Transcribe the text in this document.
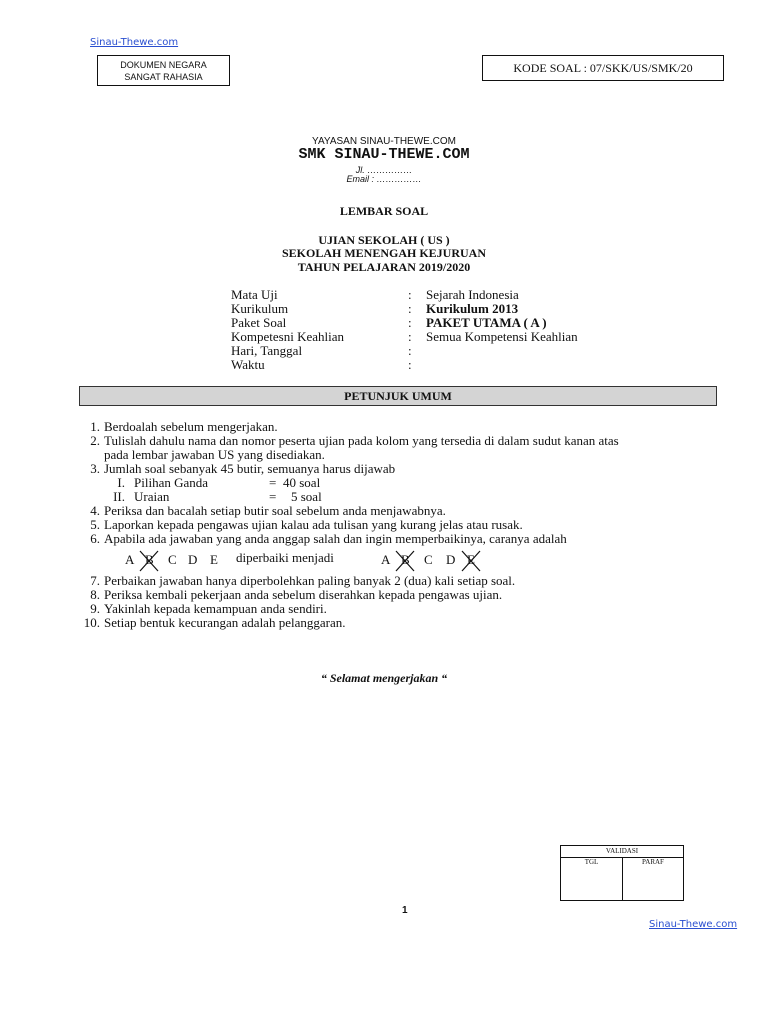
Sinau-Thewe.com
DOKUMEN NEGARA
SANGAT RAHASIA
KODE SOAL : 07/SKK/US/SMK/20
YAYASAN SINAU-THEWE.COM
SMK SINAU-THEWE.COM
Jl. ……………
Email : ……………
LEMBAR SOAL
UJIAN SEKOLAH ( US )
SEKOLAH MENENGAH KEJURUAN
TAHUN PELAJARAN 2019/2020
Mata Uji	: Sejarah Indonesia
Kurikulum	: Kurikulum 2013
Paket Soal	: PAKET UTAMA ( A )
Kompetesni Keahlian	: Semua Kompetensi Keahlian
Hari, Tanggal	:
Waktu	:
PETUNJUK UMUM
1. Berdoalah sebelum mengerjakan.
2. Tulislah dahulu nama dan nomor peserta ujian pada kolom yang tersedia di dalam sudut kanan atas
pada lembar jawaban US yang disediakan.
3. Jumlah soal sebanyak 45 butir, semuanya harus dijawab
I. Pilihan Ganda	= 40 soal
II. Uraian	= 5 soal
4. Periksa dan bacalah setiap butir soal sebelum anda menjawabnya.
5. Laporkan kepada pengawas ujian kalau ada tulisan yang kurang jelas atau rusak.
6. Apabila ada jawaban yang anda anggap salah dan ingin memperbaikinya, caranya adalah
A B C D E diperbaiki menjadi	A B C D E
7. Perbaikan jawaban hanya diperbolehkan paling banyak 2 (dua) kali setiap soal.
8. Periksa kembali pekerjaan anda sebelum diserahkan kepada pengawas ujian.
9. Yakinlah kepada kemampuan anda sendiri.
10. Setiap bentuk kecurangan adalah pelanggaran.
“ Selamat mengerjakan “
VALIDASI
TGL	PARAF
1
Sinau-Thewe.com
